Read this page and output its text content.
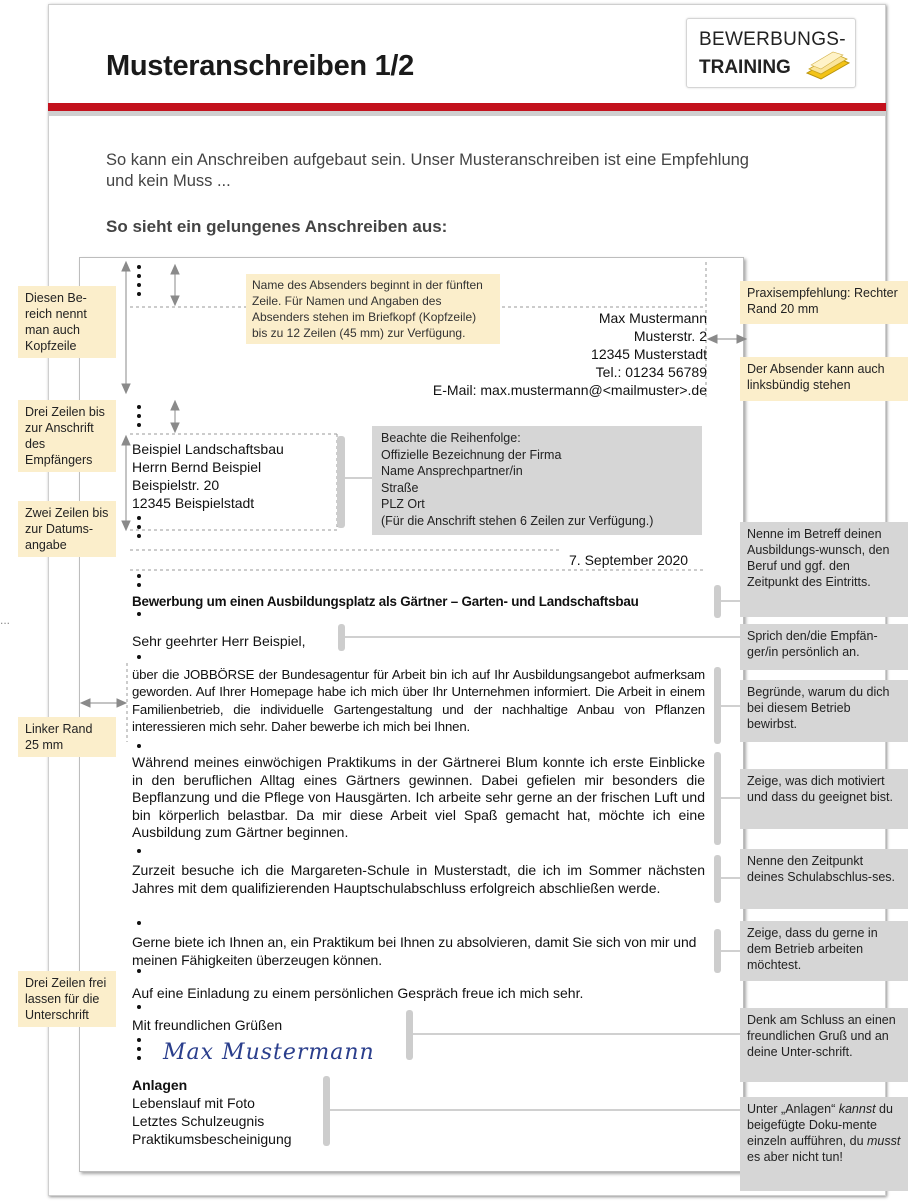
...
Musteranschreiben 1/2
BEWERBUNGS-
TRAINING
So kann ein Anschreiben aufgebaut sein. Unser Musteranschreiben ist eine Empfehlung und kein Muss ...
So sieht ein gelungenes Anschreiben aus:
Name des Absenders beginnt in der fünften Zeile. Für Namen und Angaben des Absenders stehen im Briefkopf (Kopfzeile) bis zu 12 Zeilen (45 mm) zur Verfügung.
Max Mustermann
Musterstr. 2
12345 Musterstadt
Tel.: 01234 56789
E-Mail: max.mustermann@<mailmuster>.de
Beispiel Landschaftsbau
Herrn Bernd Beispiel
Beispielstr. 20
12345 Beispielstadt
Beachte die Reihenfolge:
Offizielle Bezeichnung der Firma
Name Ansprechpartner/in
Straße
PLZ Ort
(Für die Anschrift stehen 6 Zeilen zur Verfügung.)
7. September 2020
Bewerbung um einen Ausbildungsplatz als Gärtner – Garten- und Landschaftsbau
Sehr geehrter Herr Beispiel,
über die JOBBÖRSE der Bundesagentur für Arbeit bin ich auf Ihr Ausbildungsangebot aufmerksam geworden. Auf Ihrer Homepage habe ich mich über Ihr Unternehmen informiert. Die Arbeit in einem Familienbetrieb, die individuelle Gartengestaltung und der nachhaltige Anbau von Pflanzen interessieren mich sehr. Daher bewerbe ich mich bei Ihnen.
Während meines einwöchigen Praktikums in der Gärtnerei Blum konnte ich erste Einblicke in den beruflichen Alltag eines Gärtners gewinnen. Dabei gefielen mir besonders die Bepflanzung und die Pflege von Hausgärten. Ich arbeite sehr gerne an der frischen Luft und bin körperlich belastbar. Da mir diese Arbeit viel Spaß gemacht hat, möchte ich eine Ausbildung zum Gärtner beginnen.
Zurzeit besuche ich die Margareten-Schule in Musterstadt, die ich im Sommer nächsten Jahres mit dem qualifizierenden Hauptschulabschluss erfolgreich abschließen werde.
Gerne biete ich Ihnen an, ein Praktikum bei Ihnen zu absolvieren, damit Sie sich von mir und meinen Fähigkeiten überzeugen können.
Auf eine Einladung zu einem persönlichen Gespräch freue ich mich sehr.
Mit freundlichen Grüßen
Max Mustermann
Anlagen
Lebenslauf mit Foto
Letztes Schulzeugnis
Praktikumsbescheinigung
Diesen Be-reich nennt man auch Kopfzeile
Drei Zeilen bis zur Anschrift des Empfängers
Zwei Zeilen bis zur Datums-angabe
Linker Rand 25 mm
Drei Zeilen frei lassen für die Unterschrift
Praxisempfehlung: Rechter Rand 20 mm
Der Absender kann auch linksbündig stehen
Nenne im Betreff deinen Ausbildungs-wunsch, den Beruf und ggf. den Zeitpunkt des Eintritts.
Sprich den/die Empfän-ger/in persönlich an.
Begründe, warum du dich bei diesem Betrieb bewirbst.
Zeige, was dich motiviert und dass du geeignet bist.
Nenne den Zeitpunkt deines Schulabschlus-ses.
Zeige, dass du gerne in dem Betrieb arbeiten möchtest.
Denk am Schluss an einen freundlichen Gruß und an deine Unter-schrift.
Unter „Anlagen“ kannst du beigefügte Doku-mente einzeln aufführen, du musst es aber nicht tun!
